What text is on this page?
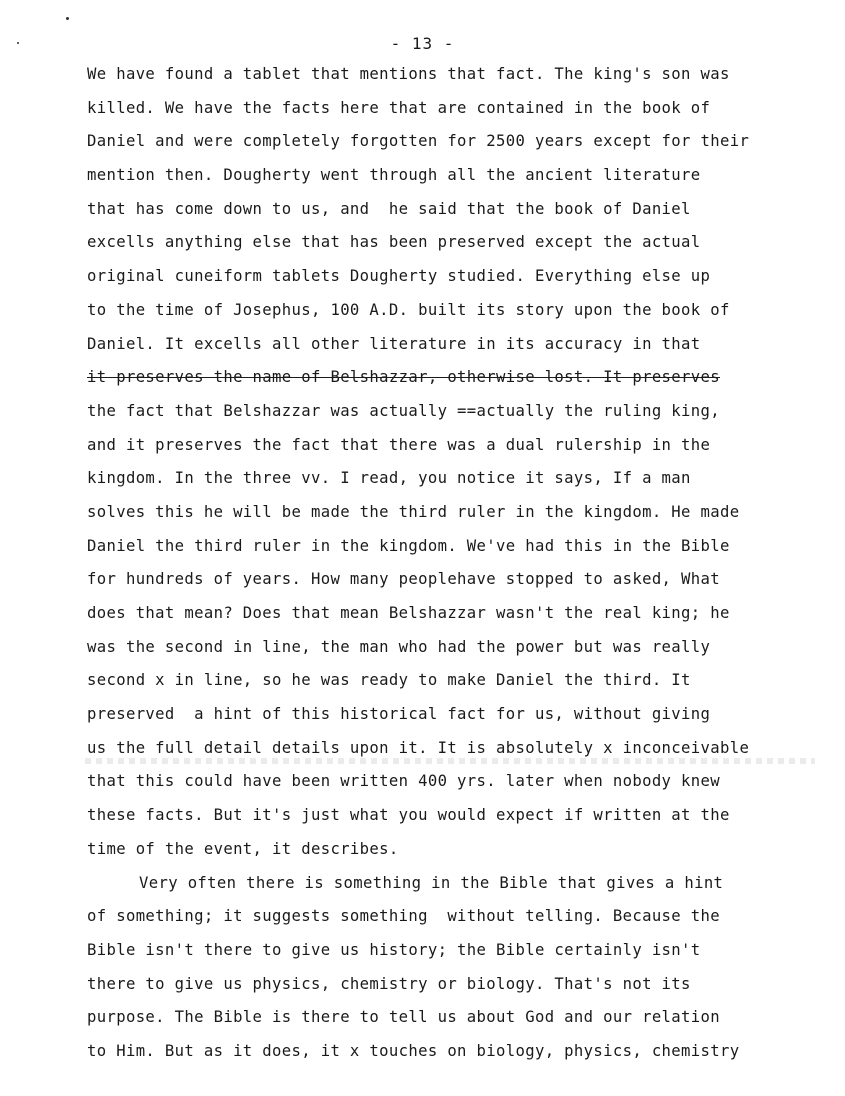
- 13 -
We have found a tablet that mentions that fact. The king's son was
killed. We have the facts here that are contained in the book of
Daniel and were completely forgotten for 2500 years except for their
mention then. Dougherty went through all the ancient literature
that has come down to us, and  he said that the book of Daniel
excells anything else that has been preserved except the actual
original cuneiform tablets Dougherty studied. Everything else up
to the time of Josephus, 100 A.D. built its story upon the book of
Daniel. It excells all other literature in its accuracy in that
it preserves the name of Belshazzar, otherwise lost. It preserves
the fact that Belshazzar was actually ==actually the ruling king,
and it preserves the fact that there was a dual rulership in the
kingdom. In the three vv. I read, you notice it says, If a man
solves this he will be made the third ruler in the kingdom. He made
Daniel the third ruler in the kingdom. We've had this in the Bible
for hundreds of years. How many peoplehave stopped to asked, What
does that mean? Does that mean Belshazzar wasn't the real king; he
was the second in line, the man who had the power but was really
second x in line, so he was ready to make Daniel the third. It
preserved  a hint of this historical fact for us, without giving
us the full detail details upon it. It is absolutely x inconceivable
that this could have been written 400 yrs. later when nobody knew
these facts. But it's just what you would expect if written at the
time of the event, it describes.
Very often there is something in the Bible that gives a hint
of something; it suggests something  without telling. Because the
Bible isn't there to give us history; the Bible certainly isn't
there to give us physics, chemistry or biology. That's not its
purpose. The Bible is there to tell us about God and our relation
to Him. But as it does, it x touches on biology, physics, chemistry
